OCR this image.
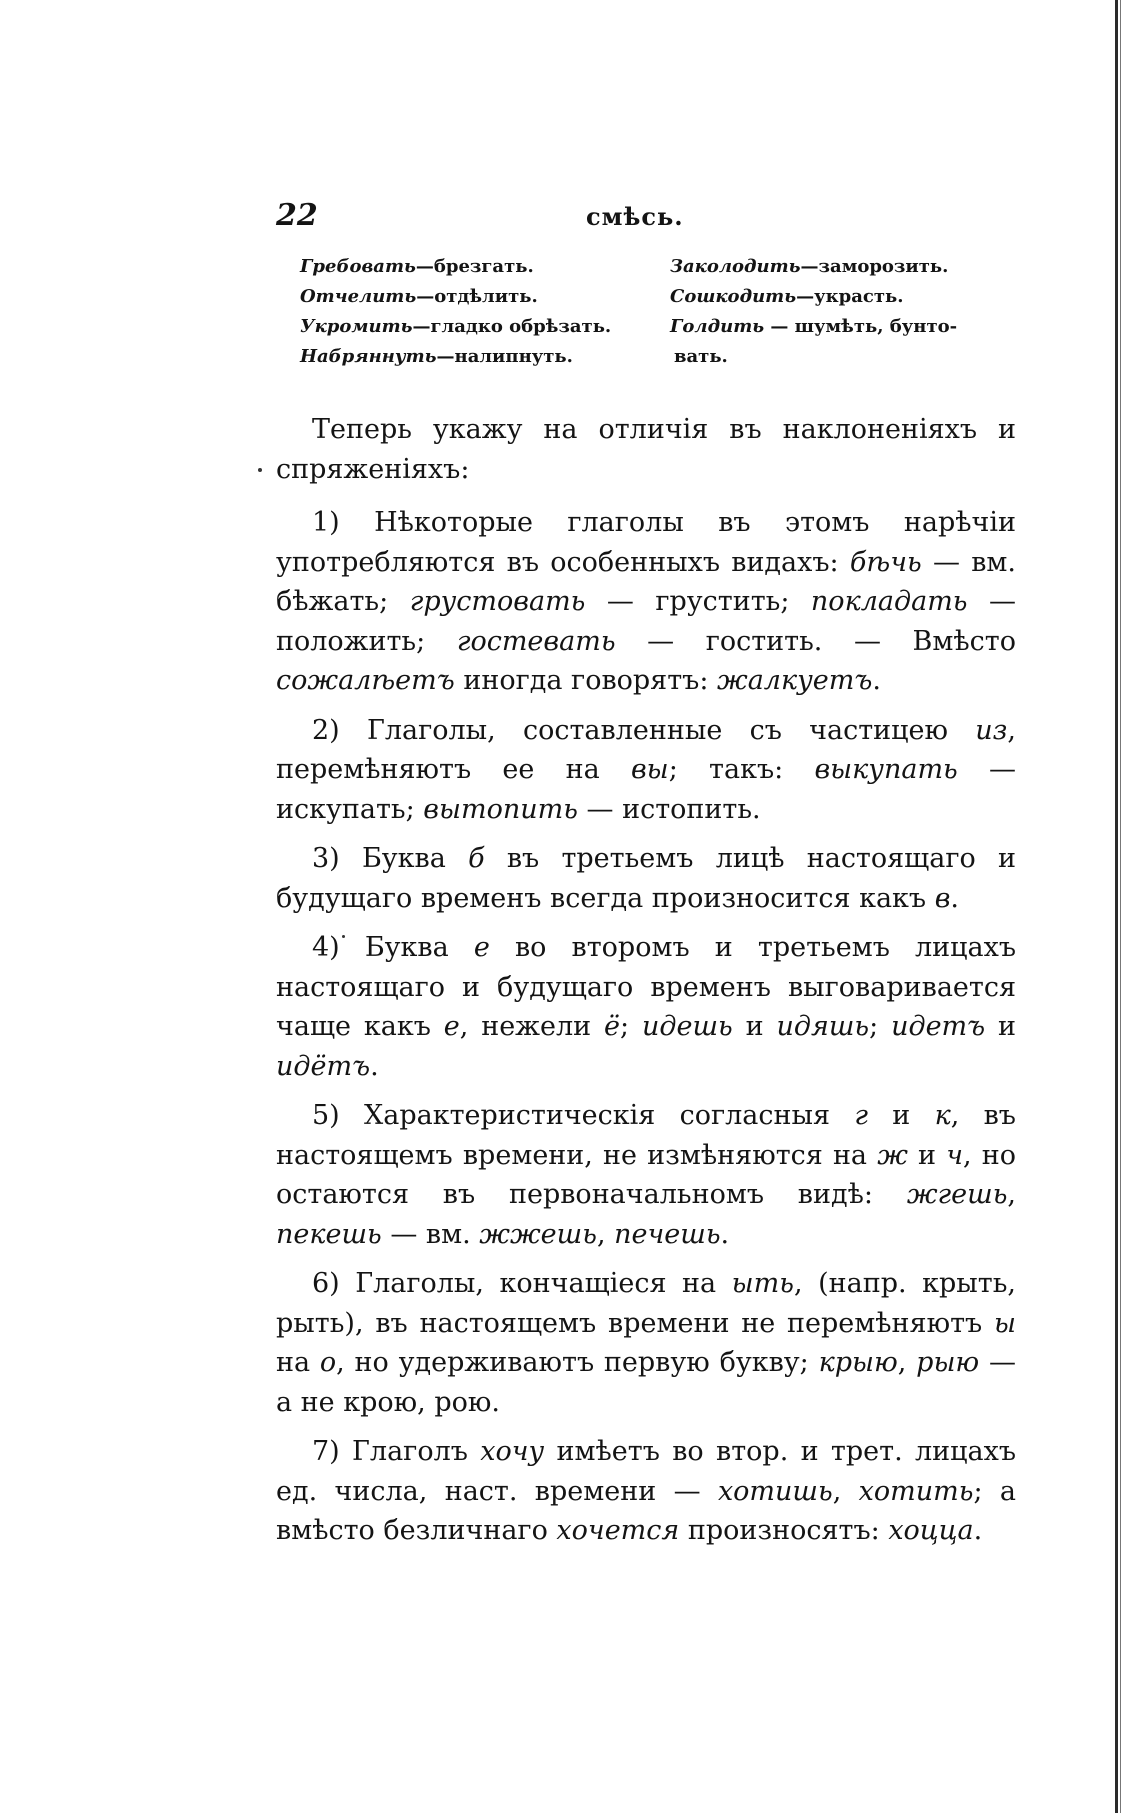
22	смѣсь.
Гребовать—брезгать.
Отчелить—отдѣлить.
Укромить—гладко обрѣзать.
Набряннуть—налипнуть.
Заколодить—заморозить.
Сошкодить—украсть.
Голдить — шумѣть, бунто-
вать.

Теперь укажу на отличія въ наклоненіяхъ и спряженіяхъ:

1) Нѣкоторые глаголы въ этомъ нарѣчіи употребляются въ особенныхъ видахъ: бѣчь — вм. бѣжать; грустовать — грустить; покладать — положить; гостевать — гостить. — Вмѣсто сожалѣетъ иногда говорятъ: жалкуетъ.

2) Глаголы, составленные съ частицею из, перемѣняютъ ее на вы; такъ: выкупать — искупать; вытопить — истопить.

3) Буква б въ третьемъ лицѣ настоящаго и будущаго временъ всегда произносится какъ в.

4) Буква е во второмъ и третьемъ лицахъ настоящаго и будущаго временъ выговаривается чаще какъ е, нежели ё; идешь и идяшь; идетъ и идётъ.

5) Характеристическія согласныя г и к, въ настоящемъ времени, не измѣняются на ж и ч, но остаются въ первоначальномъ видѣ: жгешь, пекешь — вм. жжешь, печешь.

6) Глаголы, кончащіеся на ыть, (напр. крыть, рыть), въ настоящемъ времени не перемѣняютъ ы на о, но удерживаютъ первую букву; крыю, рыю — а не крою, рою.

7) Глаголъ хочу имѣетъ во втор. и трет. лицахъ ед. числа, наст. времени — хотишь, хотить; а вмѣсто безличнаго хочется произносятъ: хоцца.
